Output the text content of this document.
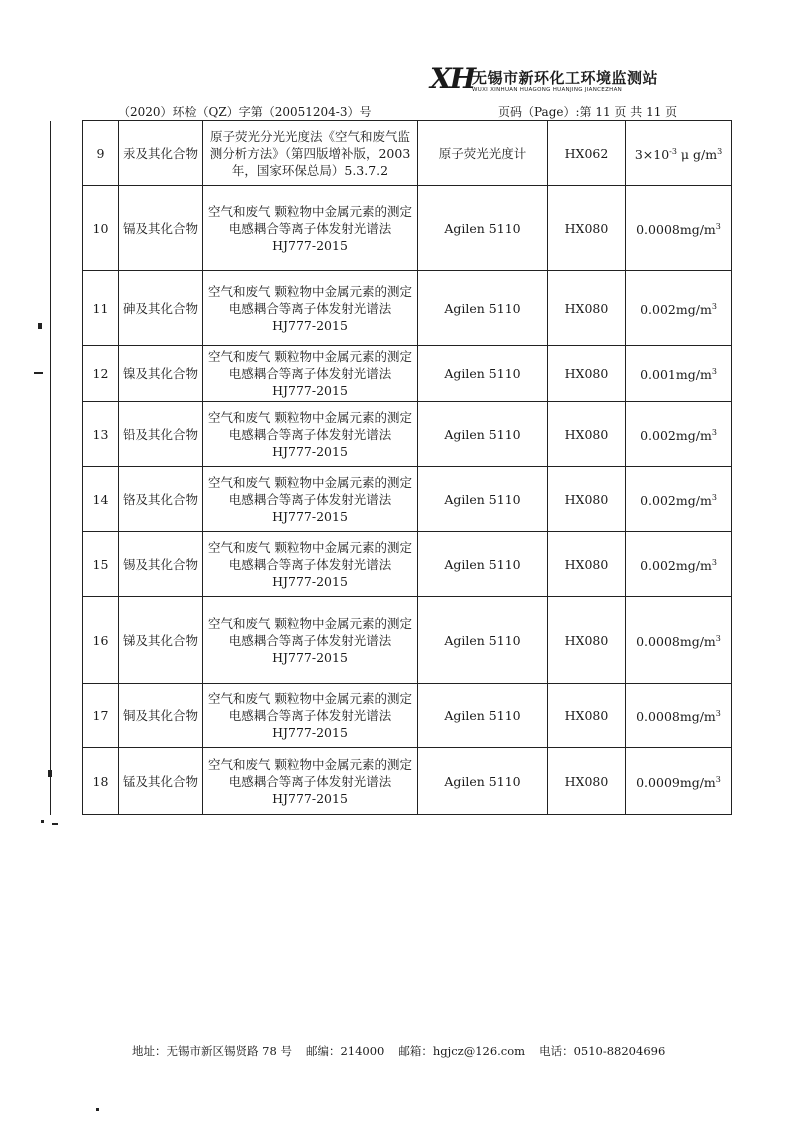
XH
无锡市新环化工环境监测站
WUXI XINHUAN HUAGONG HUANJING JIANCEZHAN
（2020）环检（QZ）字第（20051204-3）号	页码（Page）:第 11 页 共 11 页
	9	汞及其化合物	原子荧光分光光度法《空气和废气监测分析方法》（第四版增补版，2003 年，国家环保总局）5.3.7.2	原子荧光光度计	HX062	$3\times 10^{-3}$ μ $g/m^3$
	10	镉及其化合物	空气和废气 颗粒物中金属元素的测定 电感耦合等离子体发射光谱法 HJ777-2015	Agilen 5110	HX080	$0.0008mg/m^3$
	11	砷及其化合物	空气和废气 颗粒物中金属元素的测定 电感耦合等离子体发射光谱法 HJ777-2015	Agilen 5110	HX080	$0.002mg/m^3$
	12	镍及其化合物	空气和废气 颗粒物中金属元素的测定 电感耦合等离子体发射光谱法 HJ777-2015	Agilen 5110	HX080	$0.001mg/m^3$
	13	铅及其化合物	空气和废气 颗粒物中金属元素的测定 电感耦合等离子体发射光谱法 HJ777-2015	Agilen 5110	HX080	$0.002mg/m^3$
	14	铬及其化合物	空气和废气 颗粒物中金属元素的测定 电感耦合等离子体发射光谱法 HJ777-2015	Agilen 5110	HX080	$0.002mg/m^3$
	15	锡及其化合物	空气和废气 颗粒物中金属元素的测定 电感耦合等离子体发射光谱法 HJ777-2015	Agilen 5110	HX080	$0.002mg/m^3$
	16	锑及其化合物	空气和废气 颗粒物中金属元素的测定 电感耦合等离子体发射光谱法 HJ777-2015	Agilen 5110	HX080	$0.0008mg/m^3$
	17	铜及其化合物	空气和废气 颗粒物中金属元素的测定 电感耦合等离子体发射光谱法 HJ777-2015	Agilen 5110	HX080	$0.0008mg/m^3$
	18	锰及其化合物	空气和废气 颗粒物中金属元素的测定 电感耦合等离子体发射光谱法 HJ777-2015	Agilen 5110	HX080	$0.0009mg/m^3$
地址：无锡市新区锡贤路 78 号 邮编：214000 邮箱：hgjcz@126.com 电话：0510-88204696
